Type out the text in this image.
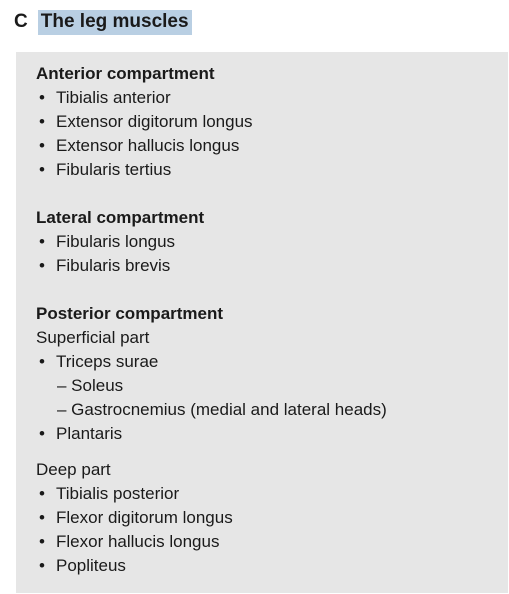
C The leg muscles
Anterior compartment
• Tibialis anterior
• Extensor digitorum longus
• Extensor hallucis longus
• Fibularis tertius
Lateral compartment
• Fibularis longus
• Fibularis brevis
Posterior compartment
Superficial part
• Triceps surae
– Soleus
– Gastrocnemius (medial and lateral heads)
• Plantaris
Deep part
• Tibialis posterior
• Flexor digitorum longus
• Flexor hallucis longus
• Popliteus
